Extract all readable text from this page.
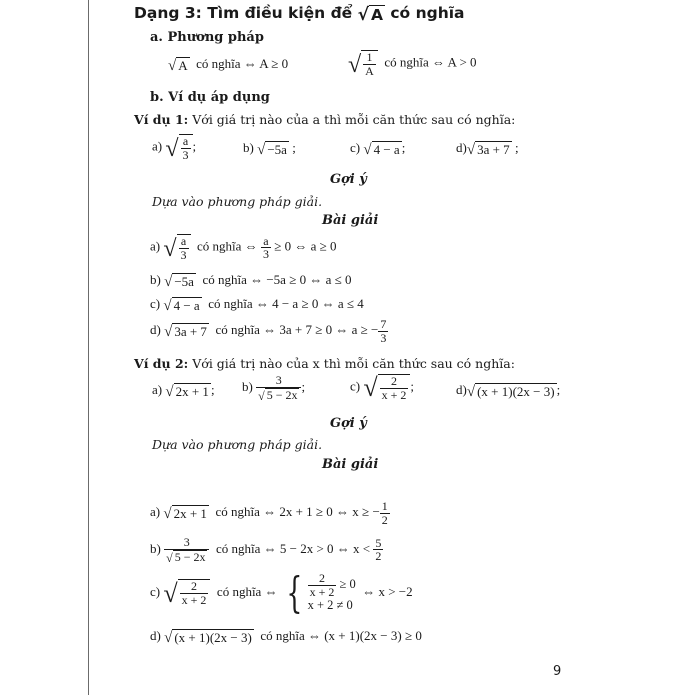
Dạng 3: Tìm điều kiện để √ A có nghĩa
a. Phương pháp
√ A có nghĩa ⇔ A ≥ 0 √ $\frac{1}{A}$ có nghĩa ⇔ A > 0
b. Ví dụ áp dụng
Ví dụ 1: Với giá trị nào của a thì mỗi căn thức sau có nghĩa:
a) √ $\frac{a}{3}$ ;	b) √ −5a ;	c) √ 4 − a ;	d) √ 3a + 7 ;
Gợi ý
Dựa vào phương pháp giải.
Bài giải
a) √ $\frac{a}{3}$ có nghĩa ⇔ $\frac{a}{3} \ge 0$ ⇔ a ≥ 0
b) √ −5a có nghĩa ⇔ −5a ≥ 0 ⇔ a ≤ 0
c) √ 4 − a có nghĩa ⇔ 4 − a ≥ 0 ⇔ a ≤ 4
d) √ 3a + 7 có nghĩa ⇔ 3a + 7 ≥ 0 ⇔ a ≥ − $\frac{7}{3}$
Ví dụ 2: Với giá trị nào của x thì mỗi căn thức sau có nghĩa:
a) √ 2x + 1 ; $b) \frac{3}{√ 5 - 2x}$ ;	c) √ $\frac{2}{x + 2}$ ;	d) √ (x + 1)(2x − 3) ;
Gợi ý
Dựa vào phương pháp giải.
Bài giải
a) √ 2x + 1 có nghĩa ⇔ 2x + 1 ≥ 0 ⇔ x ≥ − $\frac{1}{2}$
$b) \frac{3}{√ 5 - 2x}$ có nghĩa ⇔ 5 − 2x > 0 ⇔ $x < \frac{5}{2}$
c) √ $\frac{2}{x + 2}$ có nghĩa ⇔ { $\frac{2}{x + 2} \ge 0$
x + 2 ≠ 0
⇔ x > −2
d) √ (x + 1)(2x − 3) có nghĩa ⇔ (x + 1)(2x − 3) ≥ 0
9
